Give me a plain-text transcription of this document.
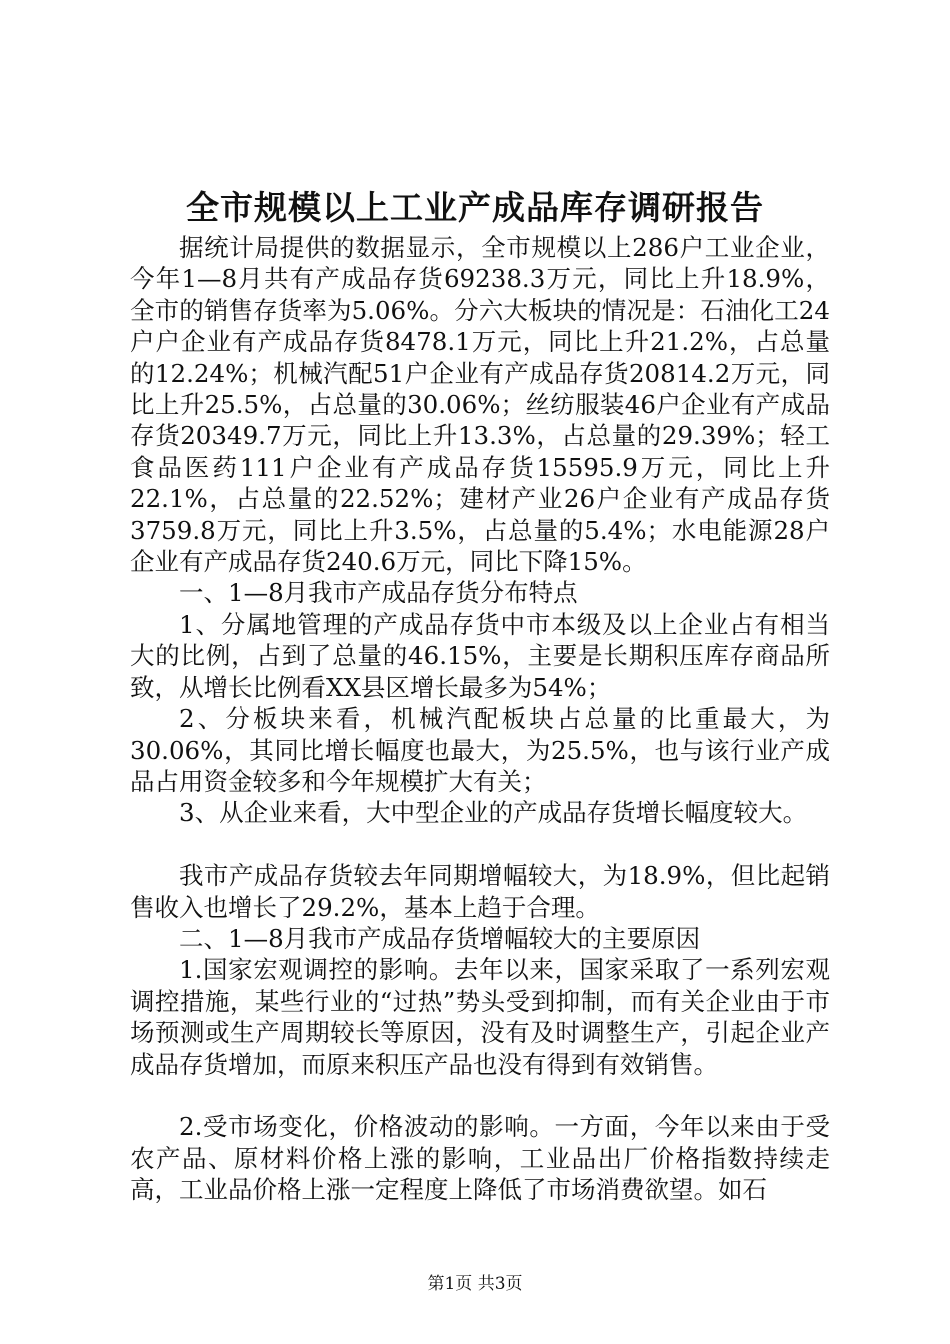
全市规模以上工业产成品库存调研报告

据统计局提供的数据显示，全市规模以上286户工业企业，今年1—8月共有产成品存货69238.3万元，同比上升18.9%，全市的销售存货率为5.06%。分六大板块的情况是：石油化工24户户企业有产成品存货8478.1万元，同比上升21.2%，占总量的12.24%；机械汽配51户企业有产成品存货20814.2万元，同比上升25.5%，占总量的30.06%；丝纺服装46户企业有产成品存货20349.7万元，同比上升13.3%，占总量的29.39%；轻工食品医药111户企业有产成品存货15595.9万元，同比上升22.1%，占总量的22.52%；建材产业26户企业有产成品存货3759.8万元，同比上升3.5%，占总量的5.4%；水电能源28户企业有产成品存货240.6万元，同比下降15%。

一、1—8月我市产成品存货分布特点

1、分属地管理的产成品存货中市本级及以上企业占有相当大的比例，占到了总量的46.15%，主要是长期积压库存商品所致，从增长比例看XX县区增长最多为54%；

2、分板块来看，机械汽配板块占总量的比重最大，为30.06%，其同比增长幅度也最大，为25.5%，也与该行业产成品占用资金较多和今年规模扩大有关；

3、从企业来看，大中型企业的产成品存货增长幅度较大。

我市产成品存货较去年同期增幅较大，为18.9%，但比起销售收入也增长了29.2%，基本上趋于合理。

二、1—8月我市产成品存货增幅较大的主要原因

1.国家宏观调控的影响。去年以来，国家采取了一系列宏观调控措施，某些行业的“过热”势头受到抑制，而有关企业由于市场预测或生产周期较长等原因，没有及时调整生产，引起企业产成品存货增加，而原来积压产品也没有得到有效销售。

2.受市场变化，价格波动的影响。一方面，今年以来由于受农产品、原材料价格上涨的影响，工业品出厂价格指数持续走高，工业品价格上涨一定程度上降低了市场消费欲望。如石

第1页 共3页
